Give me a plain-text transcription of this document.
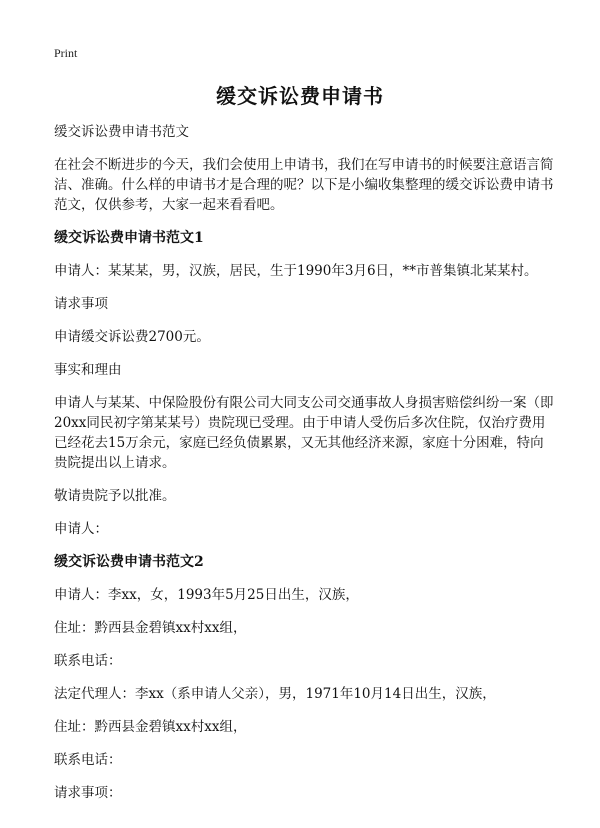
Print
缓交诉讼费申请书

缓交诉讼费申请书范文

在社会不断进步的今天，我们会使用上申请书，我们在写申请书的时候要注意语言简洁、准确。什么样的申请书才是合理的呢？以下是小编收集整理的缓交诉讼费申请书范文，仅供参考，大家一起来看看吧。

缓交诉讼费申请书范文1

申请人：某某某，男，汉族，居民，生于1990年3月6日，**市普集镇北某某村。

请求事项

申请缓交诉讼费2700元。

事实和理由

申请人与某某、中保险股份有限公司大同支公司交通事故人身损害赔偿纠纷一案（即20xx同民初字第某某号）贵院现已受理。由于申请人受伤后多次住院，仅治疗费用已经花去15万余元，家庭已经负债累累，又无其他经济来源，家庭十分困难，特向贵院提出以上请求。

敬请贵院予以批准。

申请人：

缓交诉讼费申请书范文2

申请人：李xx，女，1993年5月25日出生，汉族，

住址：黔西县金碧镇xx村xx组，

联系电话：

法定代理人：李xx（系申请人父亲），男，1971年10月14日出生，汉族，

住址：黔西县金碧镇xx村xx组，

联系电话：

请求事项：
